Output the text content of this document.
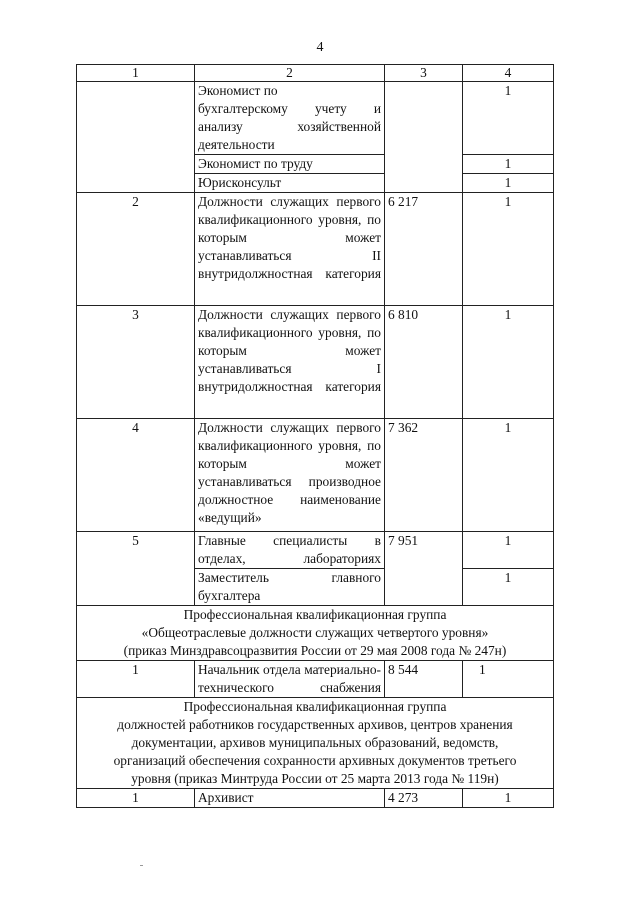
4
1	2	3	4

	Экономист по
бухгалтерскому учету и
анализу хозяйственной
деятельности		1
	Экономист по труду		1
	Юрисконсульт		1
2	Должности служащих первого квалификационного уровня, по которым может устанавливаться II внутридолжностная категория	6 217	1
3	Должности служащих первого квалификационного уровня, по которым может устанавливаться I внутридолжностная категория	6 810	1
4	Должности служащих первого квалификационного уровня, по которым может устанавливаться производное должностное наименование «ведущий»	7 362	1
5	Главные специалисты в отделах, лабораториях	7 951	1
	Заместитель главного бухгалтера		1

Профессиональная квалификационная группа
«Общеотраслевые должности служащих четвертого уровня»
(приказ Минздравсоцразвития России от 29 мая 2008 года № 247н)			

1	Начальник отдела материально-технического снабжения	8 544	1

Профессиональная квалификационная группа
должностей работников государственных архивов, центров хранения
документации, архивов муниципальных образований, ведомств,
организаций обеспечения сохранности архивных документов третьего
уровня (приказ Минтруда России от 25 марта 2013 года № 119н)			

1	Архивист	4 273	1
